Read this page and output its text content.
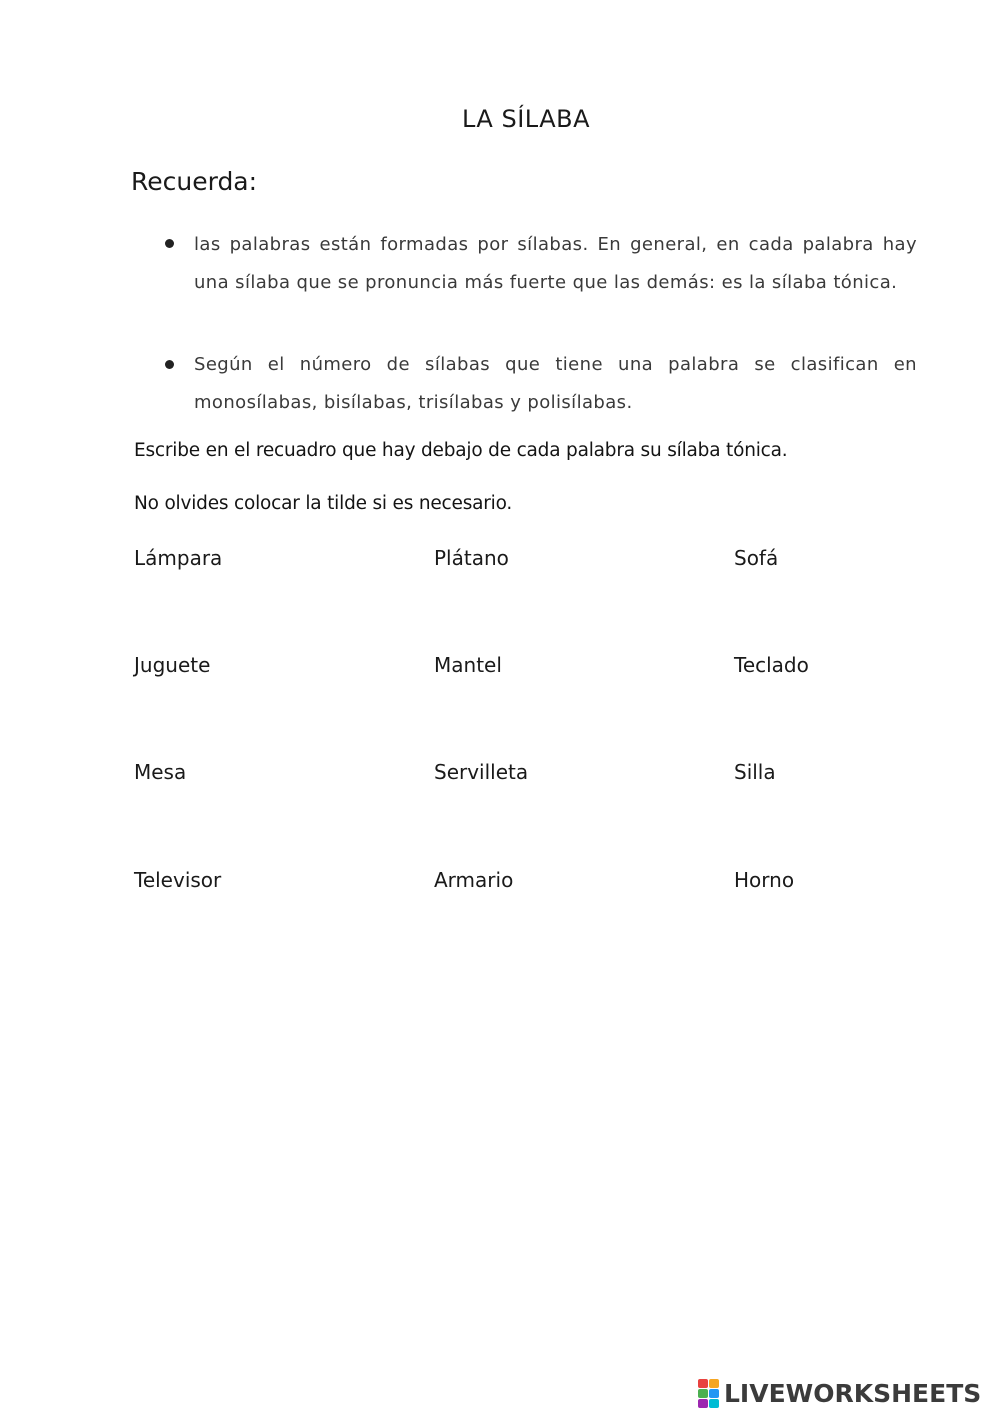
LA SÍLABA
Recuerda:
las palabras están formadas por sílabas. En general, en cada palabra hay una sílaba que se pronuncia más fuerte que las demás: es la sílaba tónica.
Según el número de sílabas que tiene una palabra se clasifican en monosílabas, bisílabas, trisílabas y polisílabas.
Escribe en el recuadro que hay debajo de cada palabra su sílaba tónica.
No olvides colocar la tilde si es necesario.
Lámpara	Plátano	Sofá
Juguete	Mantel	Teclado
Mesa	Servilleta	Silla
Televisor	Armario	Horno
LIVEWORKSHEETS
